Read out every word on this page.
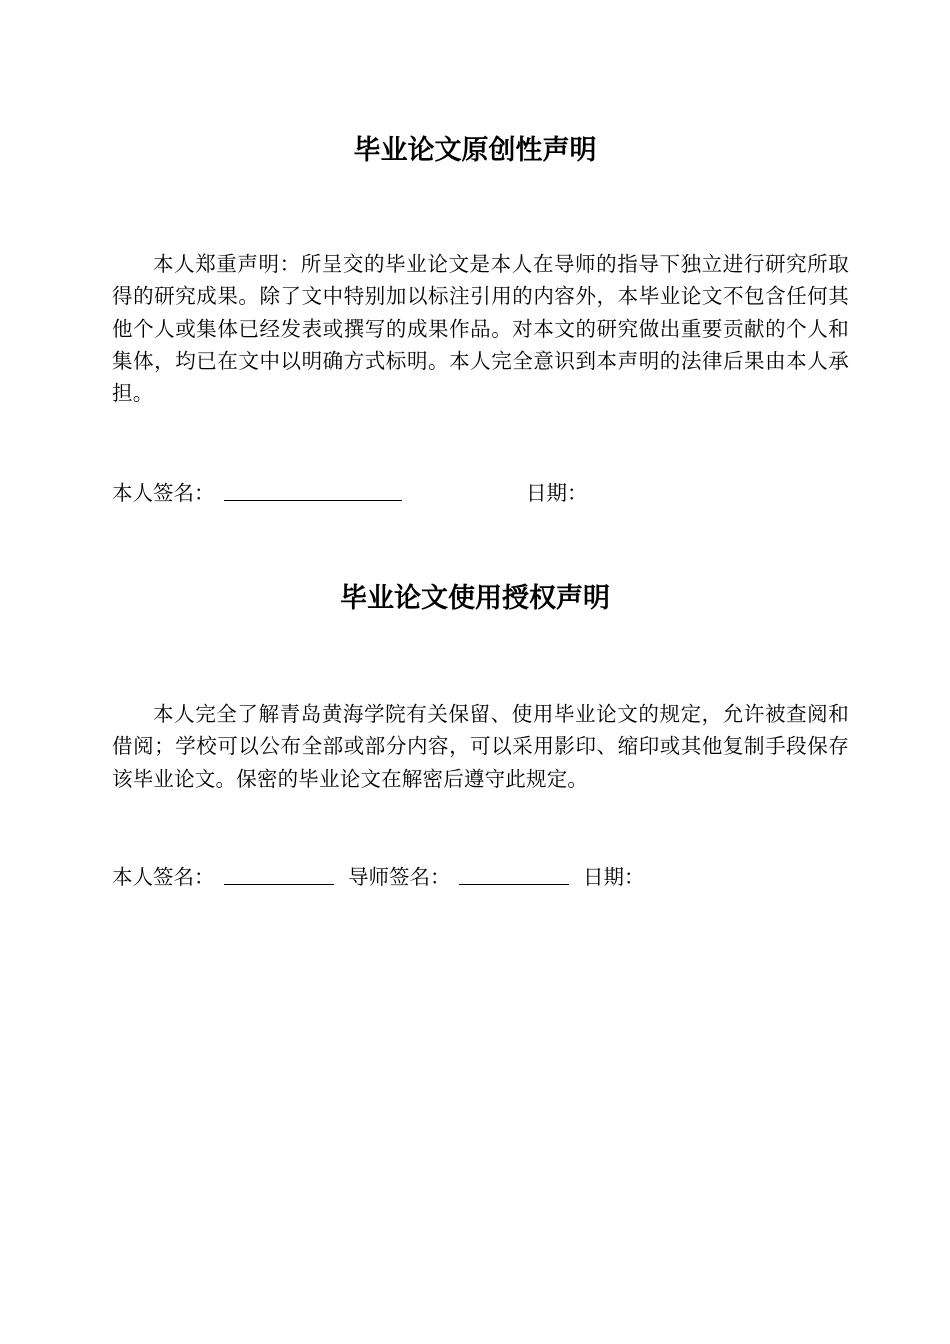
毕业论文原创性声明

本人郑重声明：所呈交的毕业论文是本人在导师的指导下独立进行研究所取得的研究成果。除了文中特别加以标注引用的内容外，本毕业论文不包含任何其他个人或集体已经发表或撰写的成果作品。对本文的研究做出重要贡献的个人和集体，均已在文中以明确方式标明。本人完全意识到本声明的法律后果由本人承担。

本人签名：	日期：
毕业论文使用授权声明

本人完全了解青岛黄海学院有关保留、使用毕业论文的规定，允许被查阅和借阅；学校可以公布全部或部分内容，可以采用影印、缩印或其他复制手段保存该毕业论文。保密的毕业论文在解密后遵守此规定。

本人签名：	导师签名：	日期：
